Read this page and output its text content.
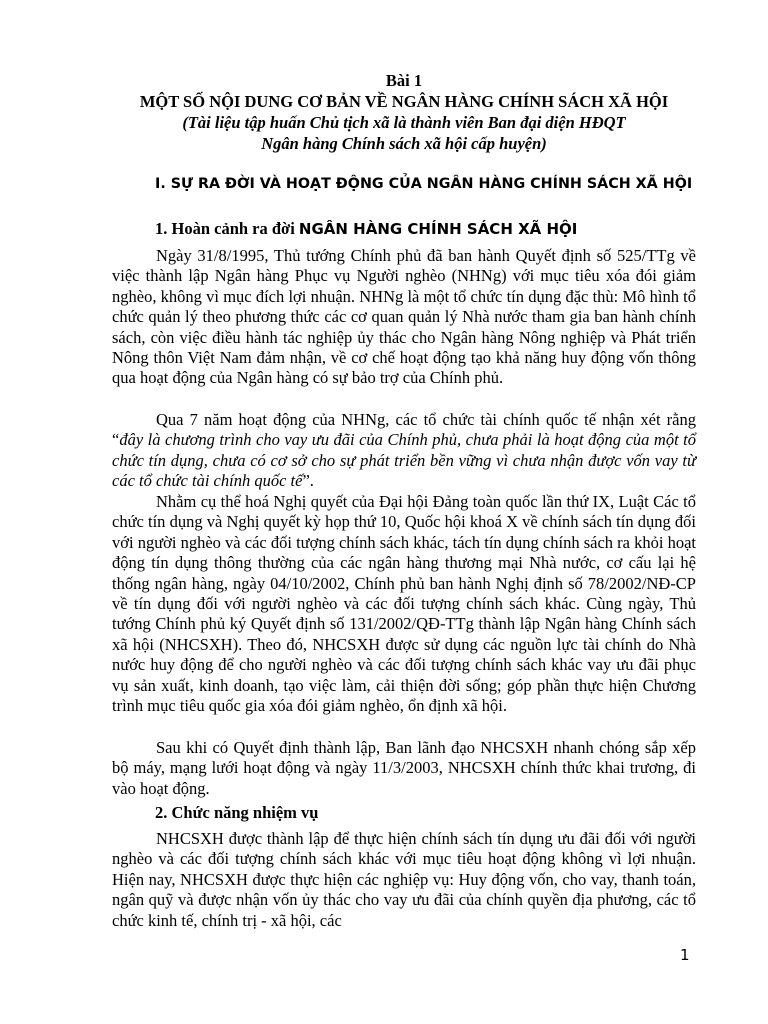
Bài 1
MỘT SỐ NỘI DUNG CƠ BẢN VỀ NGÂN HÀNG CHÍNH SÁCH XÃ HỘI
(Tài liệu tập huấn Chủ tịch xã là thành viên Ban đại diện HĐQT
Ngân hàng Chính sách xã hội cấp huyện)
I. SỰ RA ĐỜI VÀ HOẠT ĐỘNG CỦA NGÂN HÀNG CHÍNH SÁCH XÃ HỘI
1. Hoàn cảnh ra đời NGÂN HÀNG CHÍNH SÁCH XÃ HỘI

Ngày 31/8/1995, Thủ tướng Chính phủ đã ban hành Quyết định số 525/TTg về việc thành lập Ngân hàng Phục vụ Người nghèo (NHNg) với mục tiêu xóa đói giảm nghèo, không vì mục đích lợi nhuận. NHNg là một tổ chức tín dụng đặc thù: Mô hình tổ chức quản lý theo phương thức các cơ quan quản lý Nhà nước tham gia ban hành chính sách, còn việc điều hành tác nghiệp ủy thác cho Ngân hàng Nông nghiệp và Phát triển Nông thôn Việt Nam đảm nhận, về cơ chế hoạt động tạo khả năng huy động vốn thông qua hoạt động của Ngân hàng có sự bảo trợ của Chính phủ.

Qua 7 năm hoạt động của NHNg, các tổ chức tài chính quốc tế nhận xét rằng “đây là chương trình cho vay ưu đãi của Chính phủ, chưa phải là hoạt động của một tổ chức tín dụng, chưa có cơ sở cho sự phát triển bền vững vì chưa nhận được vốn vay từ các tổ chức tài chính quốc tế”.

Nhằm cụ thể hoá Nghị quyết của Đại hội Đảng toàn quốc lần thứ IX, Luật Các tổ chức tín dụng và Nghị quyết kỳ họp thứ 10, Quốc hội khoá X về chính sách tín dụng đối với người nghèo và các đối tượng chính sách khác, tách tín dụng chính sách ra khỏi hoạt động tín dụng thông thường của các ngân hàng thương mại Nhà nước, cơ cấu lại hệ thống ngân hàng, ngày 04/10/2002, Chính phủ ban hành Nghị định số 78/2002/NĐ-CP về tín dụng đối với người nghèo và các đối tượng chính sách khác. Cùng ngày, Thủ tướng Chính phủ ký Quyết định số 131/2002/QĐ-TTg thành lập Ngân hàng Chính sách xã hội (NHCSXH). Theo đó, NHCSXH được sử dụng các nguồn lực tài chính do Nhà nước huy động để cho người nghèo và các đối tượng chính sách khác vay ưu đãi phục vụ sản xuất, kinh doanh, tạo việc làm, cải thiện đời sống; góp phần thực hiện Chương trình mục tiêu quốc gia xóa đói giảm nghèo, ổn định xã hội.

Sau khi có Quyết định thành lập, Ban lãnh đạo NHCSXH nhanh chóng sắp xếp bộ máy, mạng lưới hoạt động và ngày 11/3/2003, NHCSXH chính thức khai trương, đi vào hoạt động.

2. Chức năng nhiệm vụ

NHCSXH được thành lập để thực hiện chính sách tín dụng ưu đãi đối với người nghèo và các đối tượng chính sách khác với mục tiêu hoạt động không vì lợi nhuận. Hiện nay, NHCSXH được thực hiện các nghiệp vụ: Huy động vốn, cho vay, thanh toán, ngân quỹ và được nhận vốn ủy thác cho vay ưu đãi của chính quyền địa phương, các tổ chức kinh tế, chính trị - xã hội, các

1
